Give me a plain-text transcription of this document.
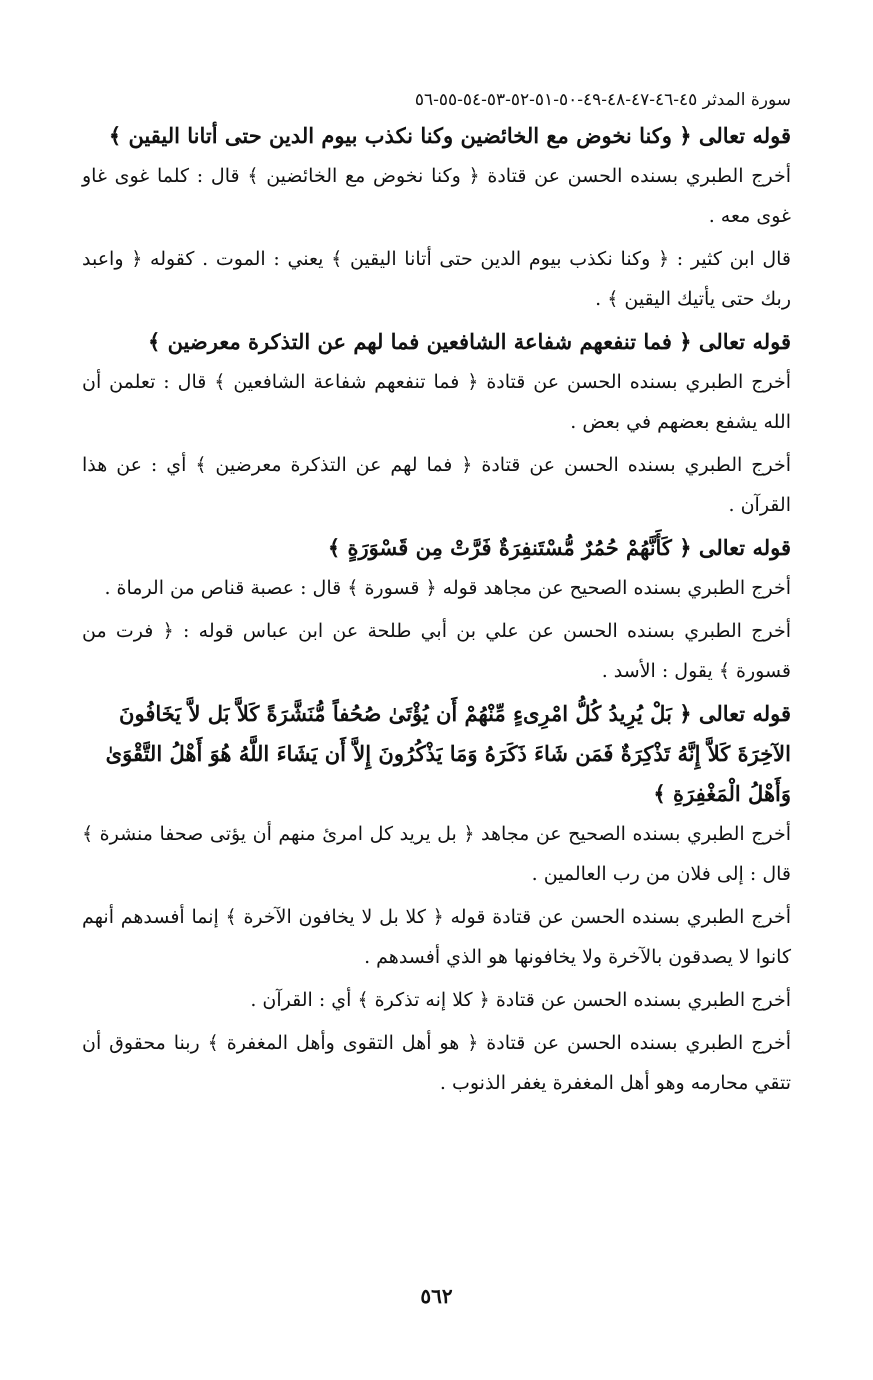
سورة المدثر ٤٥-٤٦-٤٧-٤٨-٤٩-٥٠-٥١-٥٢-٥٣-٥٤-٥٥-٥٦

قوله تعالى ﴿ وكنا نخوض مع الخائضين وكنا نكذب بيوم الدين حتى أتانا اليقين ﴾

أخرج الطبري بسنده الحسن عن قتادة ﴿ وكنا نخوض مع الخائضين ﴾ قال : كلما غوى غاو غوى معه .

قال ابن كثير : ﴿ وكنا نكذب بيوم الدين حتى أتانا اليقين ﴾ يعني : الموت . كقوله ﴿ واعبد ربك حتى يأتيك اليقين ﴾ .

قوله تعالى ﴿ فما تنفعهم شفاعة الشافعين فما لهم عن التذكرة معرضين ﴾

أخرج الطبري بسنده الحسن عن قتادة ﴿ فما تنفعهم شفاعة الشافعين ﴾ قال : تعلمن أن الله يشفع بعضهم في بعض .

أخرج الطبري بسنده الحسن عن قتادة ﴿ فما لهم عن التذكرة معرضين ﴾ أي : عن هذا القرآن .

قوله تعالى ﴿ كَأَنَّهُمْ حُمُرٌ مُّسْتَنفِرَةٌ فَرَّتْ مِن قَسْوَرَةٍ ﴾

أخرج الطبري بسنده الصحيح عن مجاهد قوله ﴿ قسورة ﴾ قال : عصبة قناص من الرماة .

أخرج الطبري بسنده الحسن عن علي بن أبي طلحة عن ابن عباس قوله : ﴿ فرت من قسورة ﴾ يقول : الأسد .

قوله تعالى ﴿ بَلْ يُرِيدُ كُلُّ امْرِىءٍ مِّنْهُمْ أَن يُؤْتَىٰ صُحُفاً مُّنَشَّرَةً كَلاَّ بَل لاَّ يَخَافُونَ الآخِرَةَ كَلاَّ إِنَّهُ تَذْكِرَةٌ فَمَن شَاءَ ذَكَرَهُ وَمَا يَذْكُرُونَ إِلاَّ أَن يَشَاءَ اللَّهُ هُوَ أَهْلُ التَّقْوَىٰ وَأَهْلُ الْمَغْفِرَةِ ﴾

أخرج الطبري بسنده الصحيح عن مجاهد ﴿ بل يريد كل امرئ منهم أن يؤتى صحفا منشرة ﴾ قال : إلى فلان من رب العالمين .

أخرج الطبري بسنده الحسن عن قتادة قوله ﴿ كلا بل لا يخافون الآخرة ﴾ إنما أفسدهم أنهم كانوا لا يصدقون بالآخرة ولا يخافونها هو الذي أفسدهم .

أخرج الطبري بسنده الحسن عن قتادة ﴿ كلا إنه تذكرة ﴾ أي : القرآن .

أخرج الطبري بسنده الحسن عن قتادة ﴿ هو أهل التقوى وأهل المغفرة ﴾ ربنا محقوق أن تتقي محارمه وهو أهل المغفرة يغفر الذنوب .

٥٦٢
